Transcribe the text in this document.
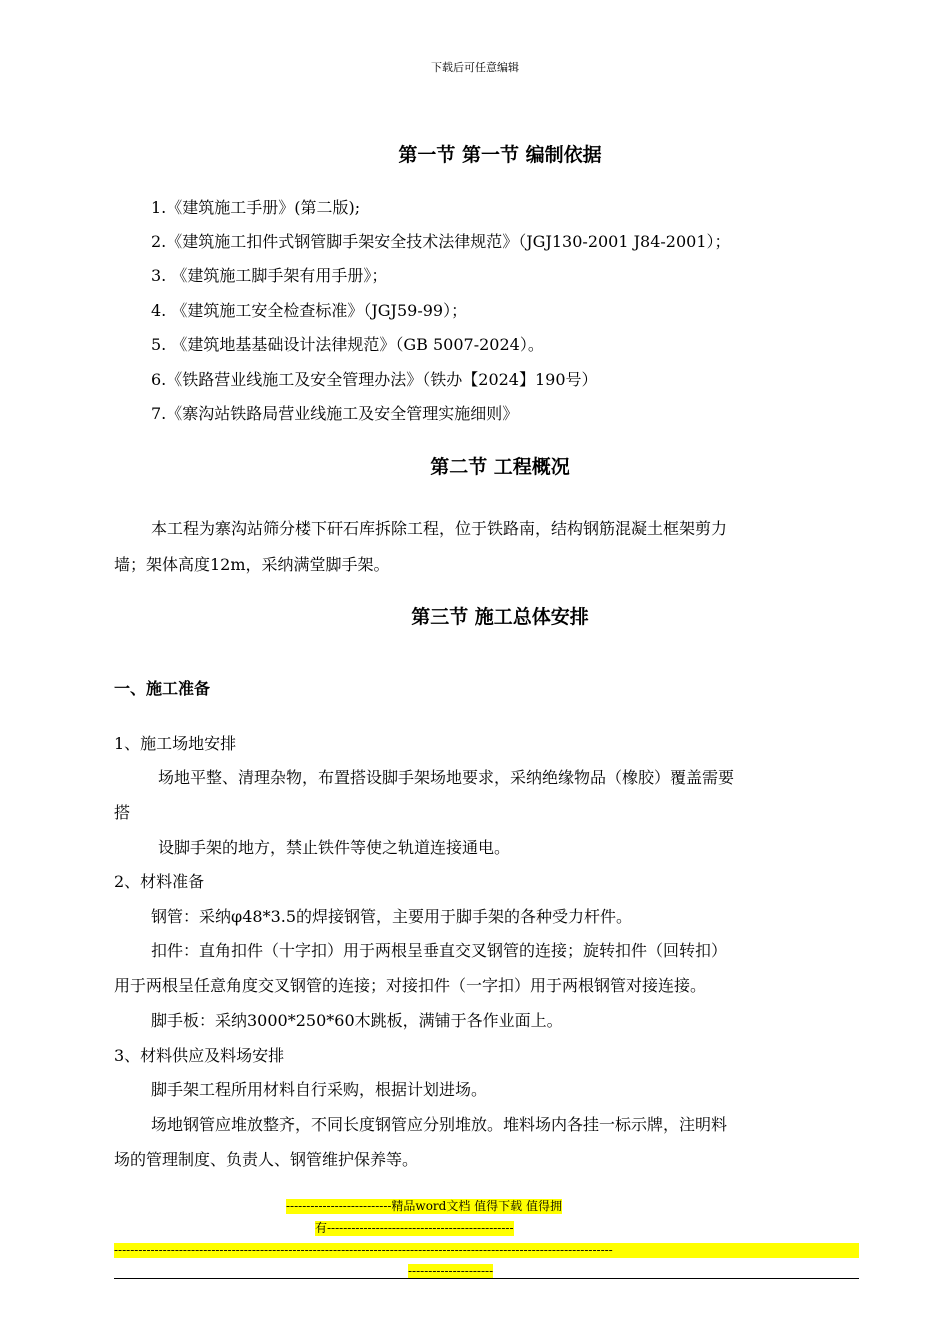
下载后可任意编辑
第一节 第一节 编制依据
1.《建筑施工手册》(第二版);
2.《建筑施工扣件式钢管脚手架安全技术法律规范》（JGJ130-2001 J84-2001）；
3. 《建筑施工脚手架有用手册》；
4. 《建筑施工安全检查标准》（JGJ59-99）；
5. 《建筑地基基础设计法律规范》（GB 5007-2024）。
6.《铁路营业线施工及安全管理办法》（铁办【2024】190号）
7.《寨沟站铁路局营业线施工及安全管理实施细则》
第二节 工程概况
本工程为寨沟站筛分楼下矸石库拆除工程，位于铁路南，结构钢筋混凝土框架剪力
墙；架体高度12m，采纳满堂脚手架。
第三节 施工总体安排
一、施工准备
1、施工场地安排
场地平整、清理杂物，布置搭设脚手架场地要求，采纳绝缘物品（橡胶）覆盖需要
搭
设脚手架的地方，禁止铁件等使之轨道连接通电。
2、材料准备
钢管：采纳φ48*3.5的焊接钢管，主要用于脚手架的各种受力杆件。
扣件：直角扣件（十字扣）用于两根呈垂直交叉钢管的连接；旋转扣件（回转扣）
用于两根呈任意角度交叉钢管的连接；对接扣件（一字扣）用于两根钢管对接连接。
脚手板：采纳3000*250*60木跳板，满铺于各作业面上。
3、材料供应及料场安排
脚手架工程所用材料自行采购，根据计划进场。
场地钢管应堆放整齐，不同长度钢管应分别堆放。堆料场内各挂一标示牌，注明料
场的管理制度、负责人、钢管维护保养等。
--------------------------精品word文档 值得下载 值得拥
有----------------------------------------------
---------------------------------------------------------------------------------------------------------------------------
---------------------
